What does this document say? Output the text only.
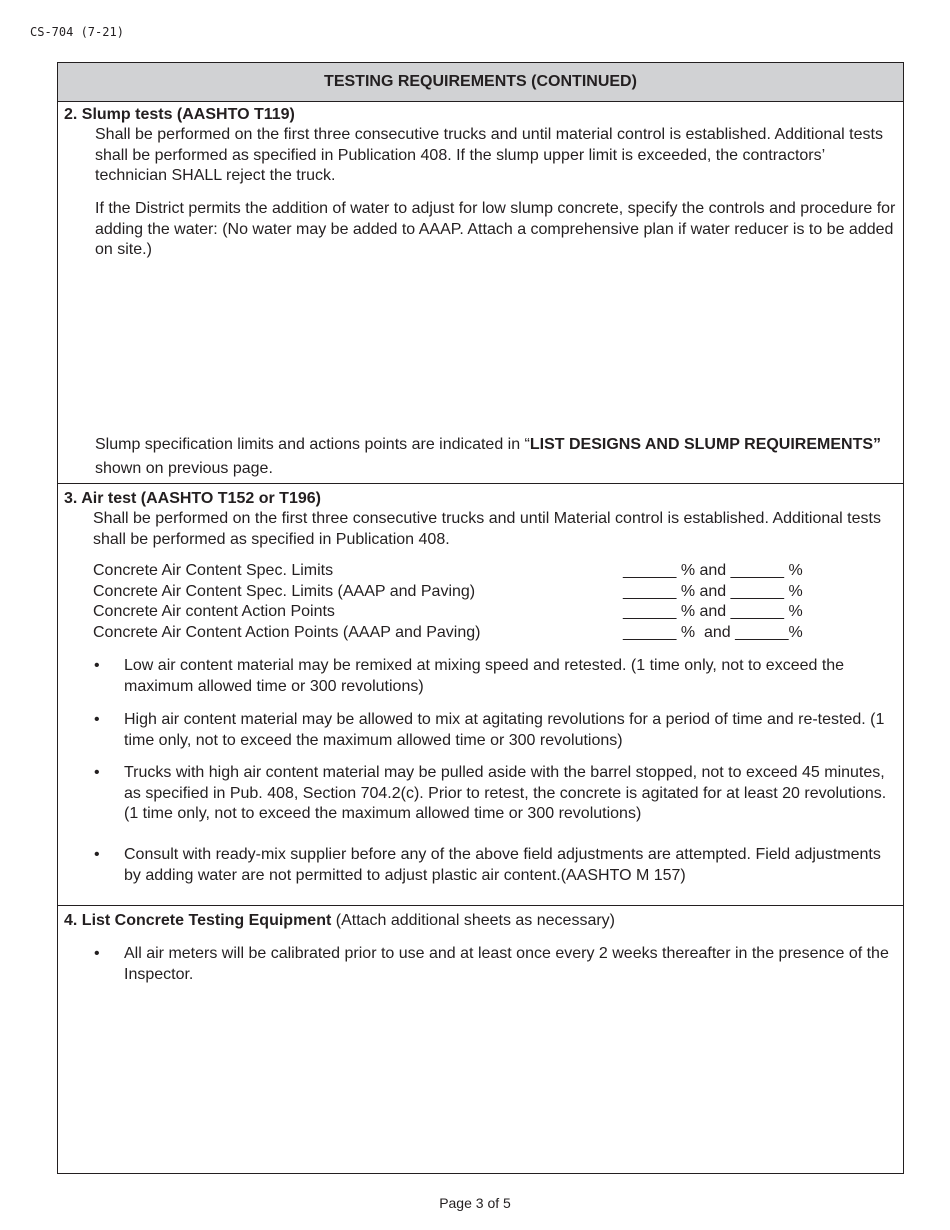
CS-704 (7-21)
TESTING REQUIREMENTS (CONTINUED)
2. Slump tests (AASHTO T119)
Shall be performed on the first three consecutive trucks and until material control is established. Additional tests shall be performed as specified in Publication 408. If the slump upper limit is exceeded, the contractors’ technician SHALL reject the truck.
If the District permits the addition of water to adjust for low slump concrete, specify the controls and procedure for adding the water: (No water may be added to AAAP. Attach a comprehensive plan if water reducer is to be added on site.)
Slump specification limits and actions points are indicated in “LIST DESIGNS AND SLUMP REQUIREMENTS” shown on previous page.
3. Air test (AASHTO T152 or T196)
Shall be performed on the first three consecutive trucks and until Material control is established. Additional tests shall be performed as specified in Publication 408.
Concrete Air Content Spec. Limits	______ % and ______ %
Concrete Air Content Spec. Limits (AAAP and Paving)	______ % and ______ %
Concrete Air content Action Points	______ % and ______ %
Concrete Air Content Action Points (AAAP and Paving)	______ %  and ______%
• Low air content material may be remixed at mixing speed and retested. (1 time only, not to exceed the maximum allowed time or 300 revolutions)
• High air content material may be allowed to mix at agitating revolutions for a period of time and re-tested. (1 time only, not to exceed the maximum allowed time or 300 revolutions)
• Trucks with high air content material may be pulled aside with the barrel stopped, not to exceed 45 minutes, as specified in Pub. 408, Section 704.2(c). Prior to retest, the concrete is agitated for at least 20 revolutions. (1 time only, not to exceed the maximum allowed time or 300 revolutions)
• Consult with ready-mix supplier before any of the above field adjustments are attempted. Field adjustments by adding water are not permitted to adjust plastic air content.(AASHTO M 157)
4. List Concrete Testing Equipment (Attach additional sheets as necessary)
• All air meters will be calibrated prior to use and at least once every 2 weeks thereafter in the presence of the Inspector.
Page 3 of 5
